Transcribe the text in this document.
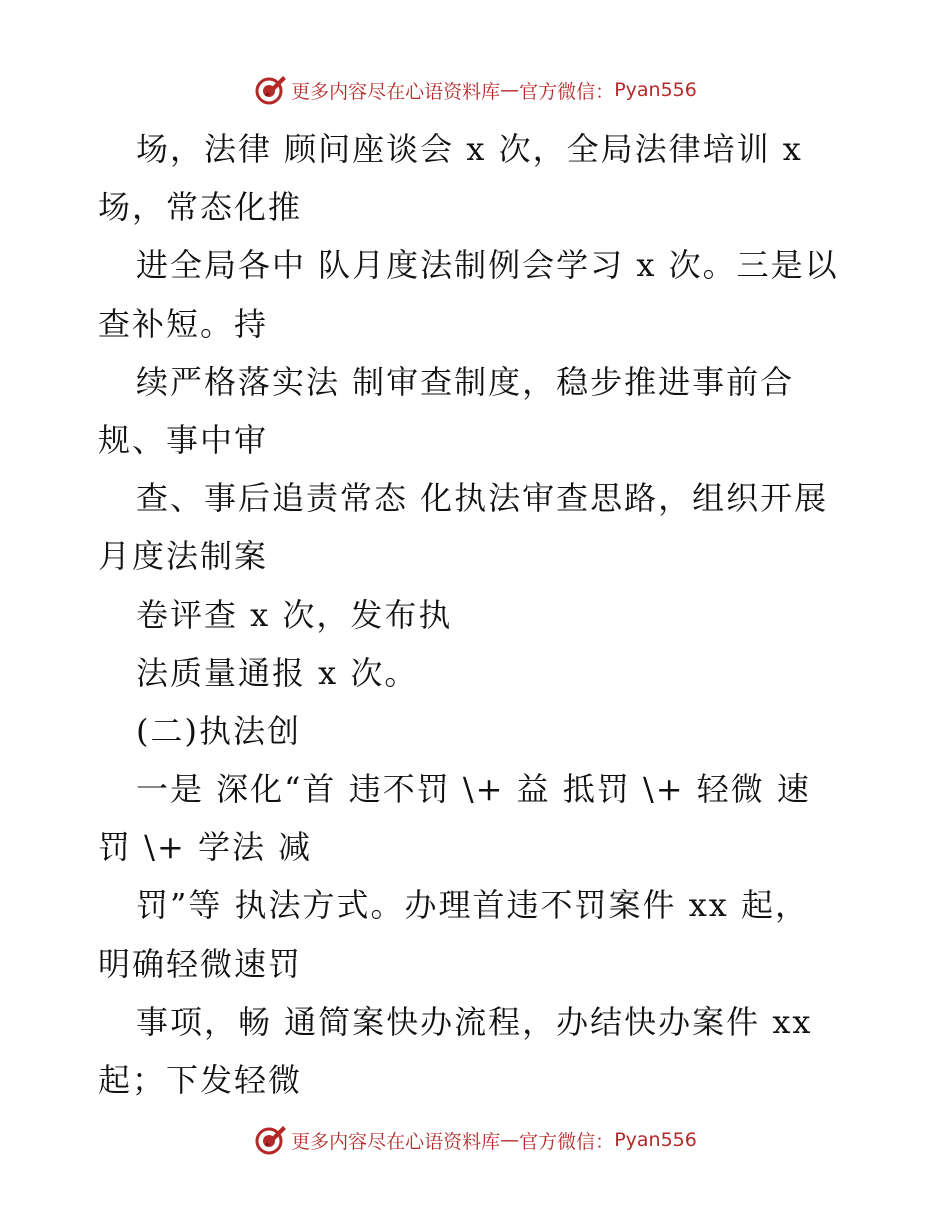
更多内容尽在心语资料库 — 官方微信： Pyan556
场，法律 顾问座谈会 x 次，全局法律培训 x
场，常态化推
进全局各中 队月度法制例会学习 x 次。三是以
查补短。持
续严格落实法 制审查制度，稳步推进事前合
规、事中审
查、事后追责常态 化执法审查思路，组织开展
月度法制案
卷评查 x 次，发布执
法质量通报 x 次。
(二)执法创
一是 深化“首 违不罚 \+ 益 抵罚 \+ 轻微 速
罚 \+ 学法 减
罚”等 执法方式。办理首违不罚案件 xx 起，
明确轻微速罚
事项，畅 通简案快办流程，办结快办案件 xx
起；下发轻微
更多内容尽在心语资料库 — 官方微信： Pyan556
